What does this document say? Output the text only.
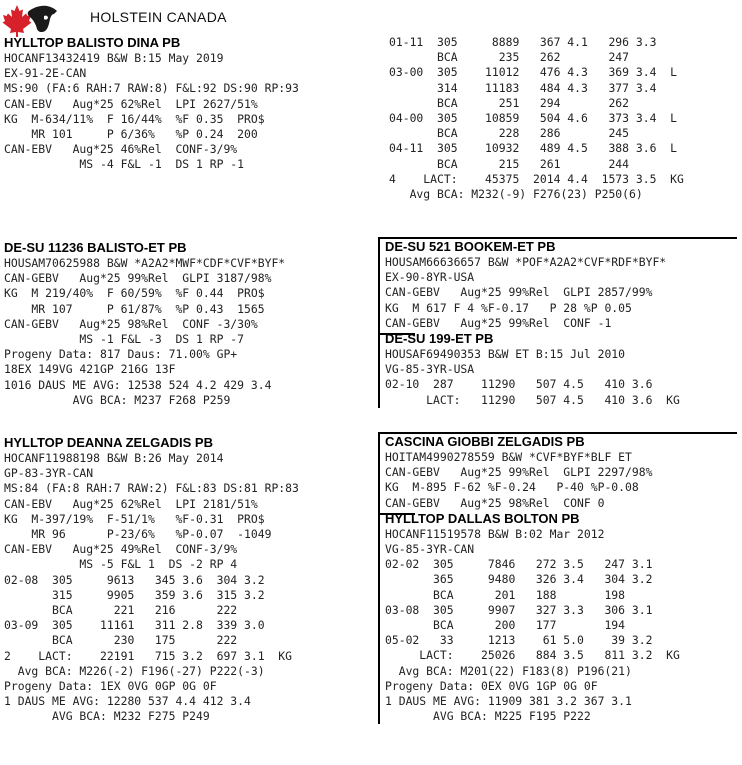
HOLSTEIN CANADA
HYLLTOP BALISTO DINA PB
HOCANF13432419 B&W B:15 May 2019
EX-91-2E-CAN
MS:90 (FA:6 RAH:7 RAW:8) F&L:92 DS:90 RP:93
CAN-EBV   Aug*25 62%Rel  LPI 2627/51%
KG  M-634/11%  F 16/44%  %F 0.35  PRO$
MR 101     P 6/36%   %P 0.24  200
CAN-EBV   Aug*25 46%Rel  CONF-3/9%
MS -4 F&L -1  DS 1 RP -1
01-11  305     8889   367 4.1   296 3.3
BCA      235   262       247
03-00  305    11012   476 4.3   369 3.4  L
314    11183   484 4.3   377 3.4
BCA      251   294       262
04-00  305    10859   504 4.6   373 3.4  L
BCA      228   286       245
04-11  305    10932   489 4.5   388 3.6  L
BCA      215   261       244
4    LACT:    45375  2014 4.4  1573 3.5  KG
Avg BCA: M232(-9) F276(23) P250(6)
DE-SU 11236 BALISTO-ET PB
HOUSAM70625988 B&W *A2A2*MWF*CDF*CVF*BYF*
CAN-GEBV   Aug*25 99%Rel  GLPI 3187/98%
KG  M 219/40%  F 60/59%  %F 0.44  PRO$
MR 107     P 61/87%  %P 0.43  1565
CAN-GEBV   Aug*25 98%Rel  CONF -3/30%
MS -1 F&L -3  DS 1 RP -7
Progeny Data: 817 Daus: 71.00% GP+
18EX 149VG 421GP 216G 13F
1016 DAUS ME AVG: 12538 524 4.2 429 3.4
AVG BCA: M237 F268 P259
DE-SU 521 BOOKEM-ET PB
HOUSAM66636657 B&W *POF*A2A2*CVF*RDF*BYF*
EX-90-8YR-USA
CAN-GEBV   Aug*25 99%Rel  GLPI 2857/99%
KG  M 617 F 4 %F-0.17   P 28 %P 0.05
CAN-GEBV   Aug*25 99%Rel  CONF -1
DE-SU 199-ET PB
HOUSAF69490353 B&W ET B:15 Jul 2010
VG-85-3YR-USA
02-10  287    11290   507 4.5   410 3.6
LACT:   11290   507 4.5   410 3.6  KG
HYLLTOP DEANNA ZELGADIS PB
HOCANF11988198 B&W B:26 May 2014
GP-83-3YR-CAN
MS:84 (FA:8 RAH:7 RAW:2) F&L:83 DS:81 RP:83
CAN-EBV   Aug*25 62%Rel  LPI 2181/51%
KG  M-397/19%  F-51/1%   %F-0.31  PRO$
MR 96      P-23/6%   %P-0.07  -1049
CAN-EBV   Aug*25 49%Rel  CONF-3/9%
MS -5 F&L 1  DS -2 RP 4
02-08  305     9613   345 3.6  304 3.2
315     9905   359 3.6  315 3.2
BCA      221   216      222
03-09  305    11161   311 2.8  339 3.0
BCA      230   175      222
2    LACT:    22191   715 3.2  697 3.1  KG
Avg BCA: M226(-2) F196(-27) P222(-3)
Progeny Data: 1EX 0VG 0GP 0G 0F
1 DAUS ME AVG: 12280 537 4.4 412 3.4
AVG BCA: M232 F275 P249
CASCINA GIOBBI ZELGADIS PB
HOITAM4990278559 B&W *CVF*BYF*BLF ET
CAN-GEBV   Aug*25 99%Rel  GLPI 2297/98%
KG  M-895 F-62 %F-0.24   P-40 %P-0.08
CAN-GEBV   Aug*25 98%Rel  CONF 0
HYLLTOP DALLAS BOLTON PB
HOCANF11519578 B&W B:02 Mar 2012
VG-85-3YR-CAN
02-02  305     7846   272 3.5   247 3.1
365     9480   326 3.4   304 3.2
BCA      201   188       198
03-08  305     9907   327 3.3   306 3.1
BCA      200   177       194
05-02   33     1213    61 5.0    39 3.2
LACT:    25026   884 3.5   811 3.2  KG
Avg BCA: M201(22) F183(8) P196(21)
Progeny Data: 0EX 0VG 1GP 0G 0F
1 DAUS ME AVG: 11909 381 3.2 367 3.1
AVG BCA: M225 F195 P222
